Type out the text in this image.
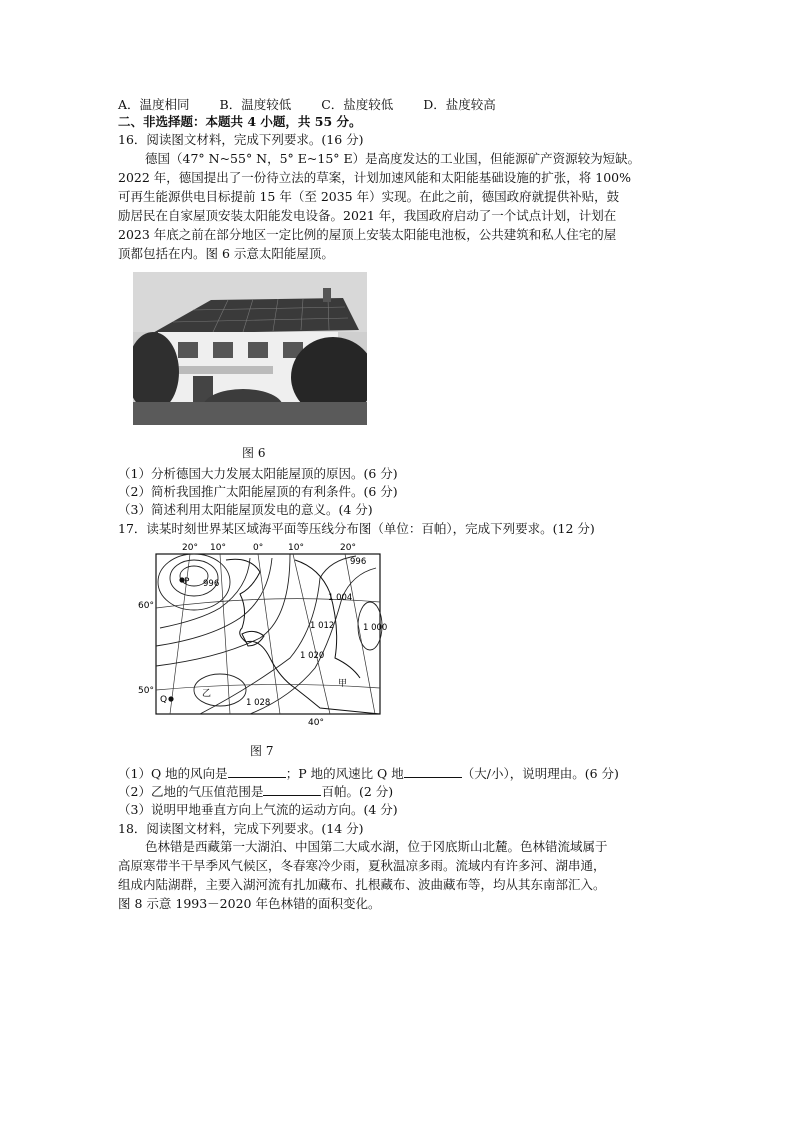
A．温度相同 B．温度较低 C．盐度较低 D．盐度较高
二、非选择题：本题共 4 小题，共 55 分。
16．阅读图文材料，完成下列要求。(16 分)
德国（47° N~55° N，5° E~15° E）是高度发达的工业国，但能源矿产资源较为短缺。
2022 年，德国提出了一份待立法的草案，计划加速风能和太阳能基础设施的扩张，将 100%
可再生能源供电目标提前 15 年（至 2035 年）实现。在此之前，德国政府就提供补贴，鼓
励居民在自家屋顶安装太阳能发电设备。2021 年，我国政府启动了一个试点计划，计划在
2023 年底之前在部分地区一定比例的屋顶上安装太阳能电池板，公共建筑和私人住宅的屋
顶都包括在内。图 6 示意太阳能屋顶。
图 6
（1）分析德国大力发展太阳能屋顶的原因。(6 分)
（2）简析我国推广太阳能屋顶的有利条件。(6 分)
（3）简述利用太阳能屋顶发电的意义。(4 分)
17．读某时刻世界某区域海平面等压线分布图（单位：百帕），完成下列要求。(12 分)
20° 10°	0°	10°	20°
60°
50°
40°
996
996
1 004
1 012	1 000
1 020
1 028
P
Q
乙
甲
图 7
（1）Q 地的风向是	；P 地的风速比 Q 地	（大/小），说明理由。(6 分)
（2）乙地的气压值范围是	百帕。(2 分)
（3）说明甲地垂直方向上气流的运动方向。(4 分)
18．阅读图文材料，完成下列要求。(14 分)
色林错是西藏第一大湖泊、中国第二大咸水湖，位于冈底斯山北麓。色林错流域属于
高原寒带半干旱季风气候区，冬春寒冷少雨，夏秋温凉多雨。流域内有许多河、湖串通，
组成内陆湖群，主要入湖河流有扎加藏布、扎根藏布、波曲藏布等，均从其东南部汇入。
图 8 示意 1993－2020 年色林错的面积变化。
